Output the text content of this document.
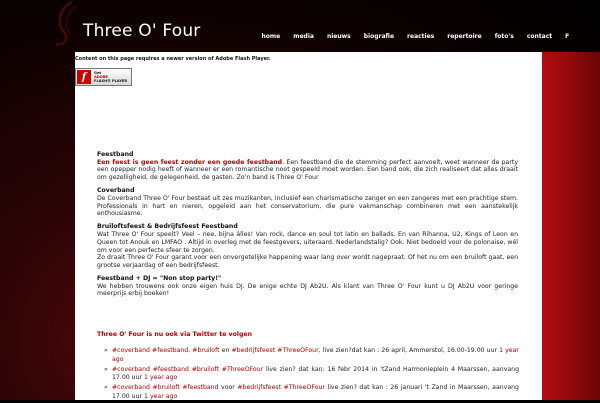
Three O' Four	home	media	nieuws	biografie	reacties	repertoire	foto's	contact	F
Content on this page requires a newer version of Adobe Flash Player.
f	Get
ADOBE
FLASH® PLAYER

Feestband
Een feest is geen feest zonder een goede feestband. Een feestband die de stemming perfect aanvoelt, weet wanneer de party een opepper nodig heeft of wanneer er een romantische noot gespeeld moet worden. Een band ook, die zich realiseert dat alles draait om gezelligheid, de gelegenheid, de gasten. Zo'n band is Three O' Four

Coverband
De Coverband Three O' Four bestaat uit zes muzikanten, inclusief een charismatische zanger en een zangeres met een prachtige stem. Professionals in hart en nieren, opgeleid aan het conservatorium, die pure vakmanschap combineren met een aanstekelijk enthousiasme.

Bruiloftsfeest & Bedrijfsfeest Feestband
Wat Three O' Four speelt? Veel – nee, bijna álles! Van rock, dance en soul tot latin en ballads. En van Rihanna, U2, Kings of Leon en Queen tot Anouk en LMFAO . Altijd in overleg met de feestgevers, uiteraard. Nederlandstalig? Ook. Niet bedoeld voor de polonaise, wél om voor een perfecte sfeer te zorgen.
Zo draait Three O' Four garant voor een onvergetelijke happening waar lang over wordt nagepraat. Of het nu om een bruiloft gaat, een grootse verjaardag of een bedrijfsfeest.

Feestband + DJ = "Non stop party!"
We hebben trouwens ook onze eigen huis DJ. De enige echte DJ Ab2U. Als klant van Three O' Four kunt u DJ Ab2U voor geringe meerprijs erbij boeken!

Three O' Four is nu ook via Twitter te volgen
» #coverband #feestband, #bruiloft en #bedrijfsfeest #ThreeOFour, live zien?dat kan : 26 april, Ammerstol, 16.00-19.00 uur 1 year ago
» #coverband #feestband #bruiloft #ThreeOFour live zien? dat kan: 16 febr 2014 in 'tZand Harmonieplein 4 Maarssen, aanvang 17.00 uur 1 year ago
» #coverband #bruiloft #feestband voor #bedrijfsfeest #ThreeOFour live zien? dat kan : 26 januari 't Zand in Maarssen, aanvang 17.00 uur 1 year ago
